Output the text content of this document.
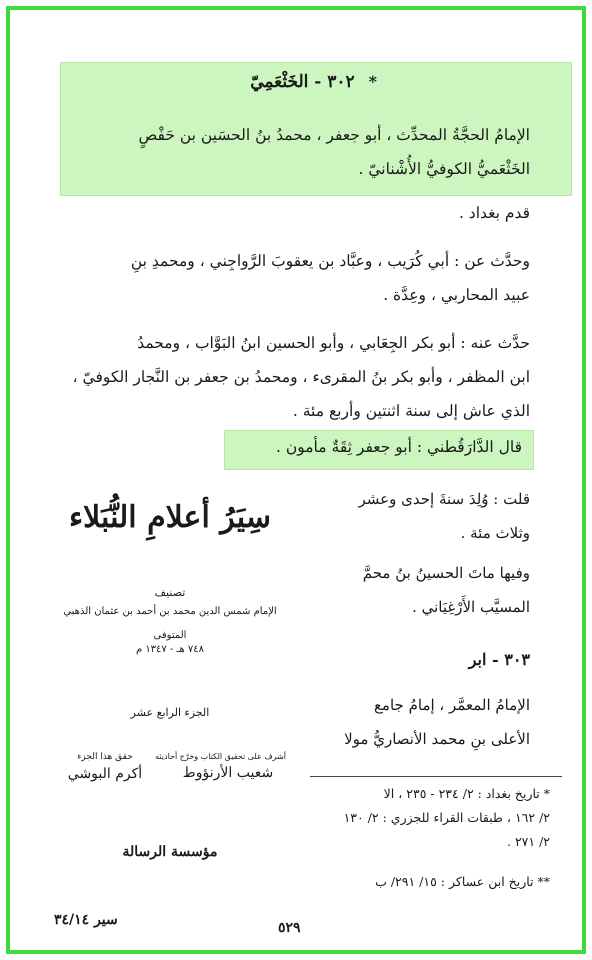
* ٣٠٢ - الخَثْعَمِيّ
الإمامُ الحجَّةُ المحدِّث ، أبو جعفر ، محمدُ بنُ الحسَين بن حَفْصٍ
الخَثْعَميُّ الكوفيُّ الأُشْنانيّ .
قدم بغداد .
وحدَّث عن : أبي كُرَيب ، وعبَّاد بن يعقوبَ الرَّواجِني ، ومحمدِ بنِ
عبيد المحاربي ، وعِدَّة .
حدَّث عنه : أبو بكر الجِعَابي ، وأبو الحسين ابنُ البَوَّاب ، ومحمدُ
ابن المظفر ، وأبو بكر بنُ المقرىء ، ومحمدُ بن جعفر بن النَّجار الكوفيّ ،
الذي عاش إلى سنة اثنتين وأربع مئة .
قال الدَّارَقُطني : أبو جعفر ثِقَةٌ مأمون .
قلت : وُلِدَ سنةَ إحدى وعشر
وثلاث مئة .
وفيها ماتَ الحسينُ بنُ محمَّ
المسيَّب الأَرْغِيَاني .
٣٠٣ - ابر
الإمامُ المعمَّر ، إمامُ جامع
الأعلى بنِ محمد الأنصاريُّ مولا
سِيَرُ أعلامِ النُّبَلاء
تصنيف
الإمام شمس الدين محمد بن أحمد بن عثمان الذهبي
المتوفى
٧٤٨ هـ - ١٣٤٧ م
الجزء الرابع عشر
حقق هذا الجزء
أكرم البوشي
أشرف على تحقيق الكتاب وخرّج أحاديثه
شعيب الأرنؤوط
مؤسسة الرسالة
* تاريخ بغداد : ٢/ ٢٣٤ - ٢٣٥ ، الا
٢/ ١٦٢ ، طبقات القراء للجزري : ٢/ ١٣٠
٢/ ٢٧١ .
** تاريخ ابن عساكر : ١٥/ ٢٩١/ ب
سير ٣٤/١٤	٥٢٩
